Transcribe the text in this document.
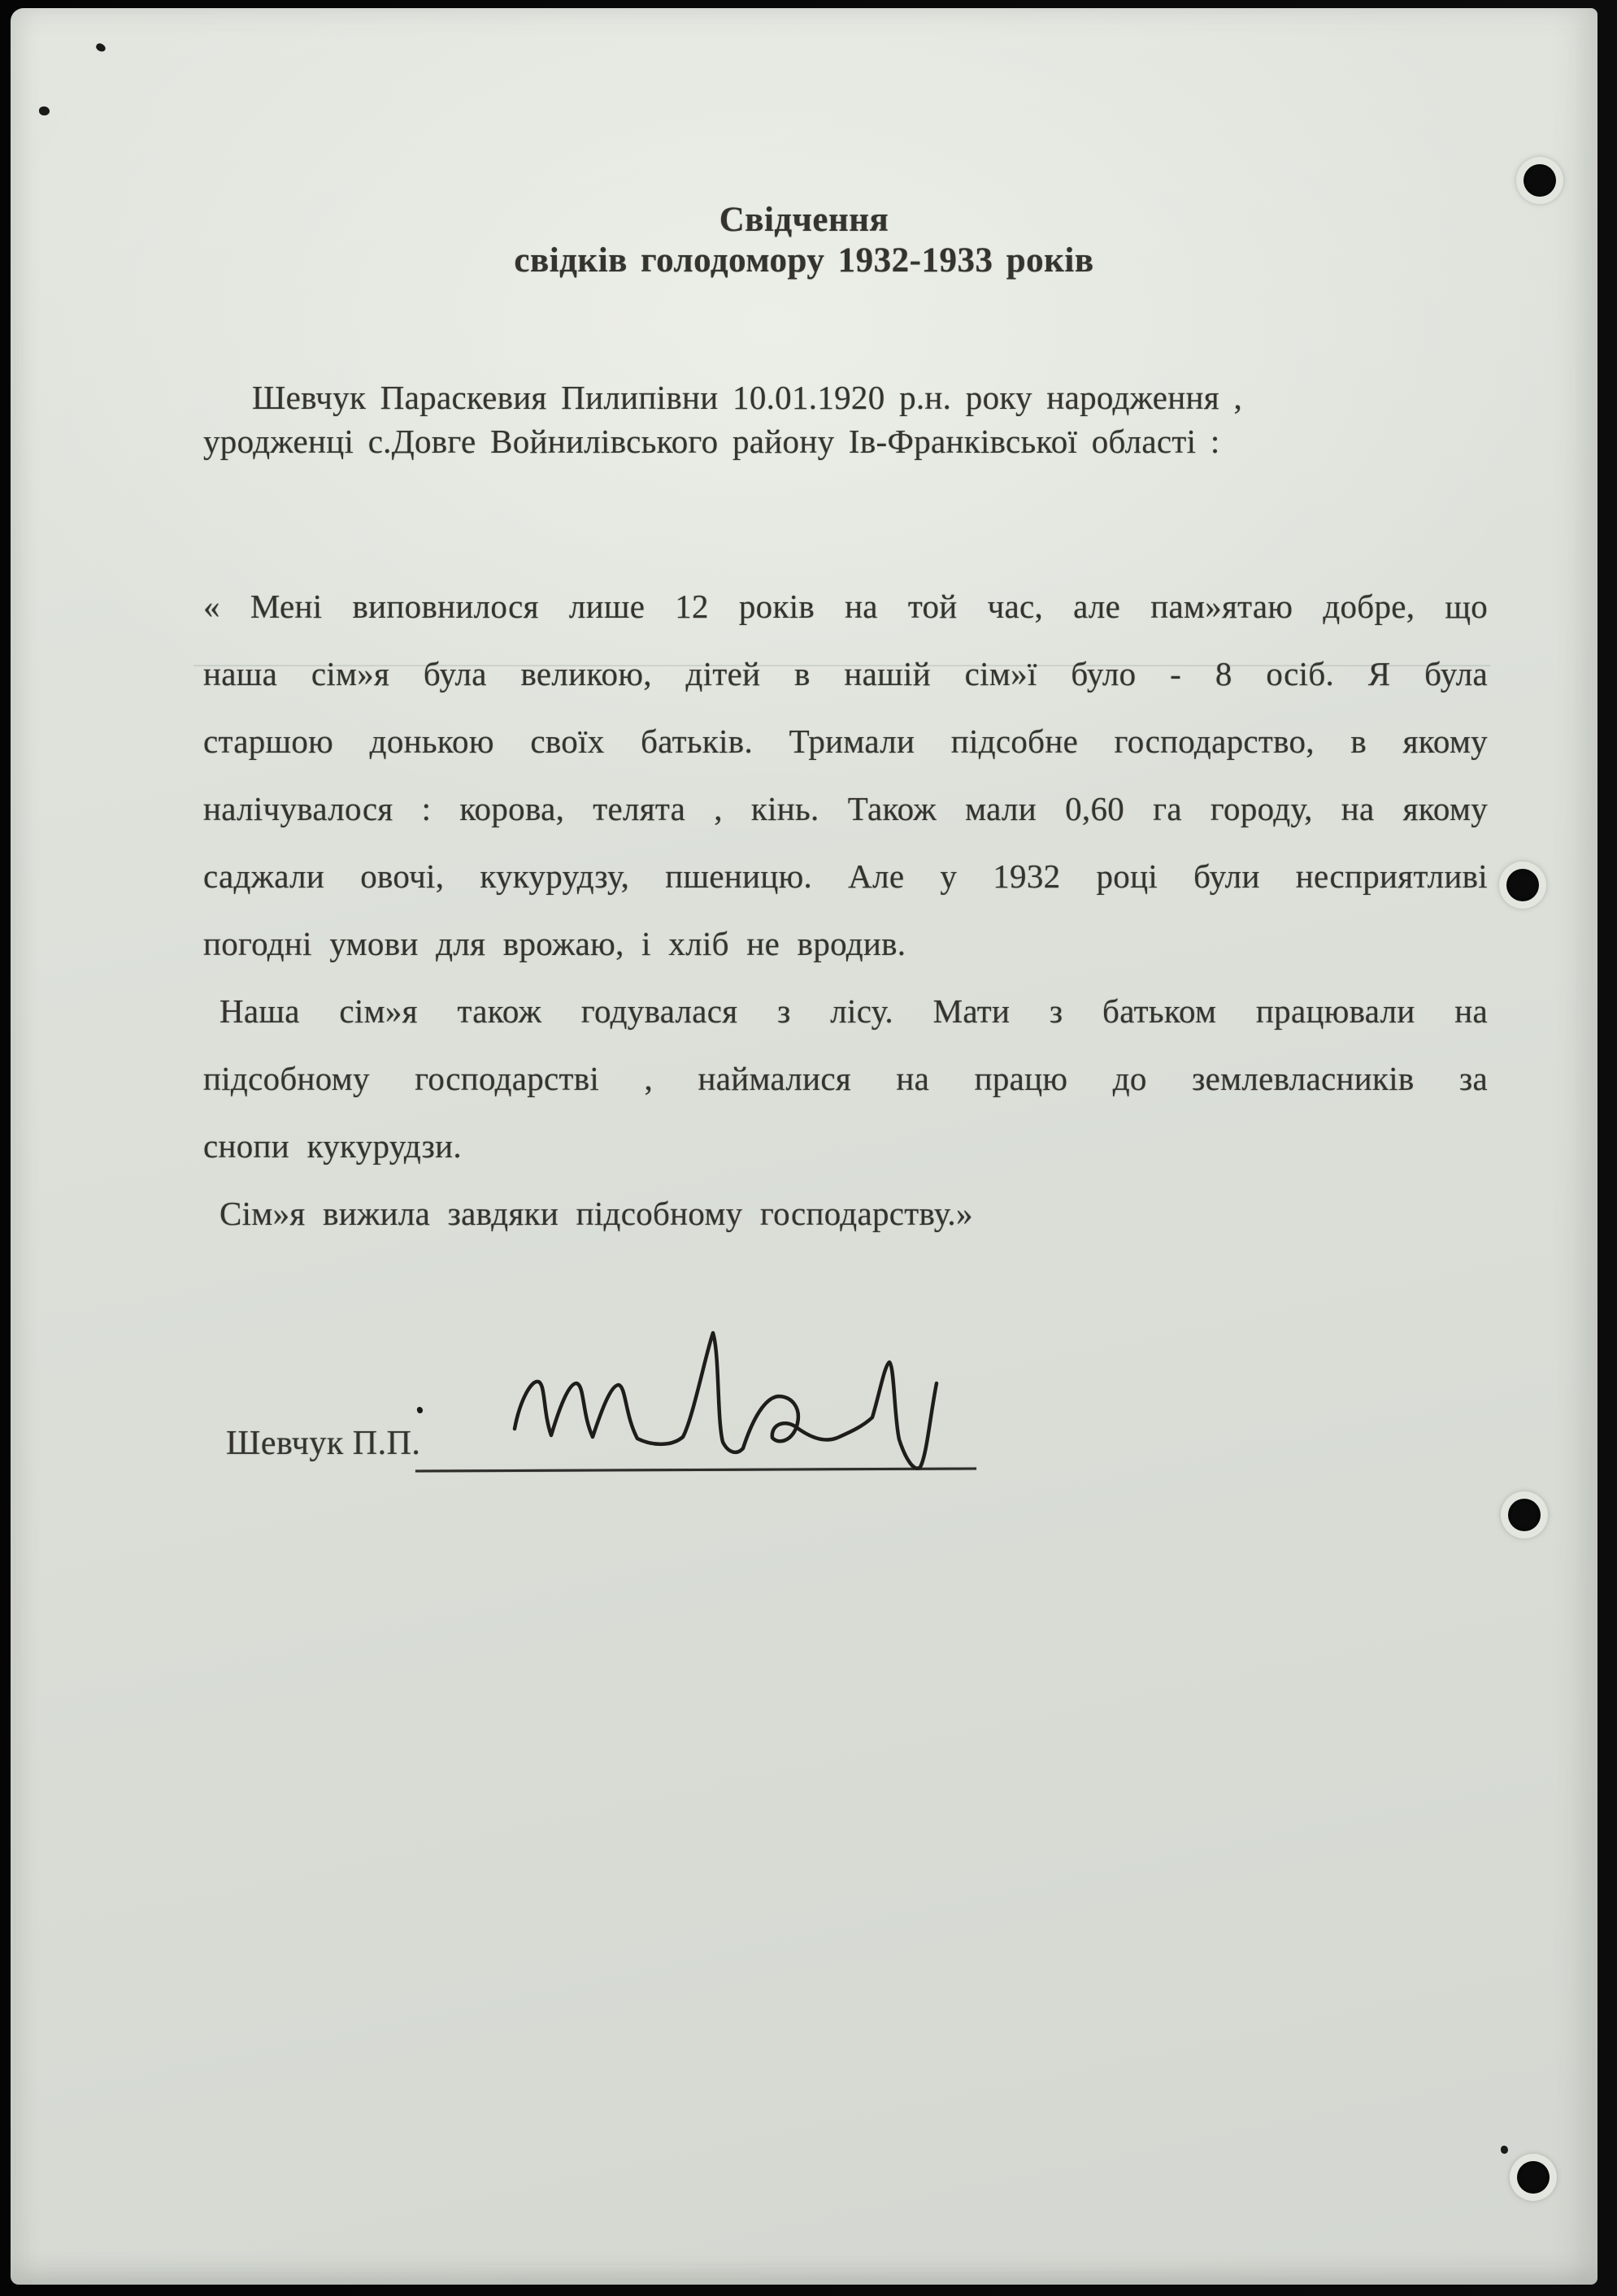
Свідчення
свідків голодомору 1932-1933 років
Шевчук Параскевия Пилипівни 10.01.1920 р.н. року народження ,
уродженці с.Довге Войнилівського району Ів-Франківської області :
« Мені виповнилося лише 12 років на той час, але пам»ятаю добре, що
наша сім»я була великою, дітей в нашій сім»ї було - 8 осіб. Я була
старшою донькою своїх батьків. Тримали підсобне господарство, в якому
налічувалося : корова, телята , кінь. Також мали 0,60 га городу, на якому
саджали овочі, кукурудзу, пшеницю. Але у 1932 році були несприятливі
погодні умови для врожаю, і хліб не вродив.
Наша сім»я також годувалася з лісу. Мати з батьком працювали на
підсобному господарстві , наймалися на працю до землевласників за
снопи кукурудзи.
Сім»я вижила завдяки підсобному господарству.»
Шевчук П.П.
